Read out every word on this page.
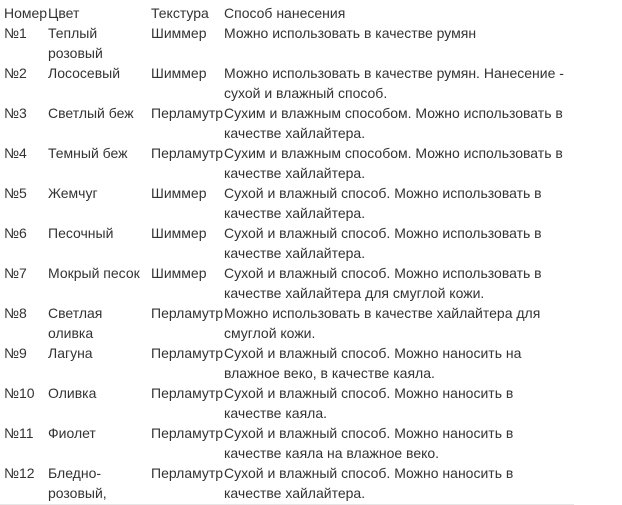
Номер	Цвет	Текстура	Способ нанесения
№1	Теплый розовый	Шиммер	Можно использовать в качестве румян
№2	Лососевый	Шиммер	Можно использовать в качестве румян. Нанесение - сухой и влажный способ.
№3	Светлый беж	Перламутр	Сухим и влажным способом. Можно использовать в качестве хайлайтера.
№4	Темный беж	Перламутр	Сухим и влажным способом. Можно использовать в качестве хайлайтера.
№5	Жемчуг	Шиммер	Сухой и влажный способ. Можно использовать в качестве хайлайтера.
№6	Песочный	Шиммер	Сухой и влажный способ. Можно использовать в качестве хайлайтера.
№7	Мокрый песок	Шиммер	Сухой и влажный способ. Можно использовать в качестве хайлайтера для смуглой кожи.
№8	Светлая оливка	Перламутр	Можно использовать в качестве хайлайтера для смуглой кожи.
№9	Лагуна	Перламутр	Сухой и влажный способ. Можно наносить на влажное веко, в качестве каяла.
№10	Оливка	Перламутр	Сухой и влажный способ. Можно наносить в качестве каяла.
№11	Фиолет	Перламутр	Сухой и влажный способ. Можно наносить в качестве каяла на влажное веко.
№12	Бледно-розовый,	Перламутр	Сухой и влажный способ. Можно наносить в качестве хайлайтера.
